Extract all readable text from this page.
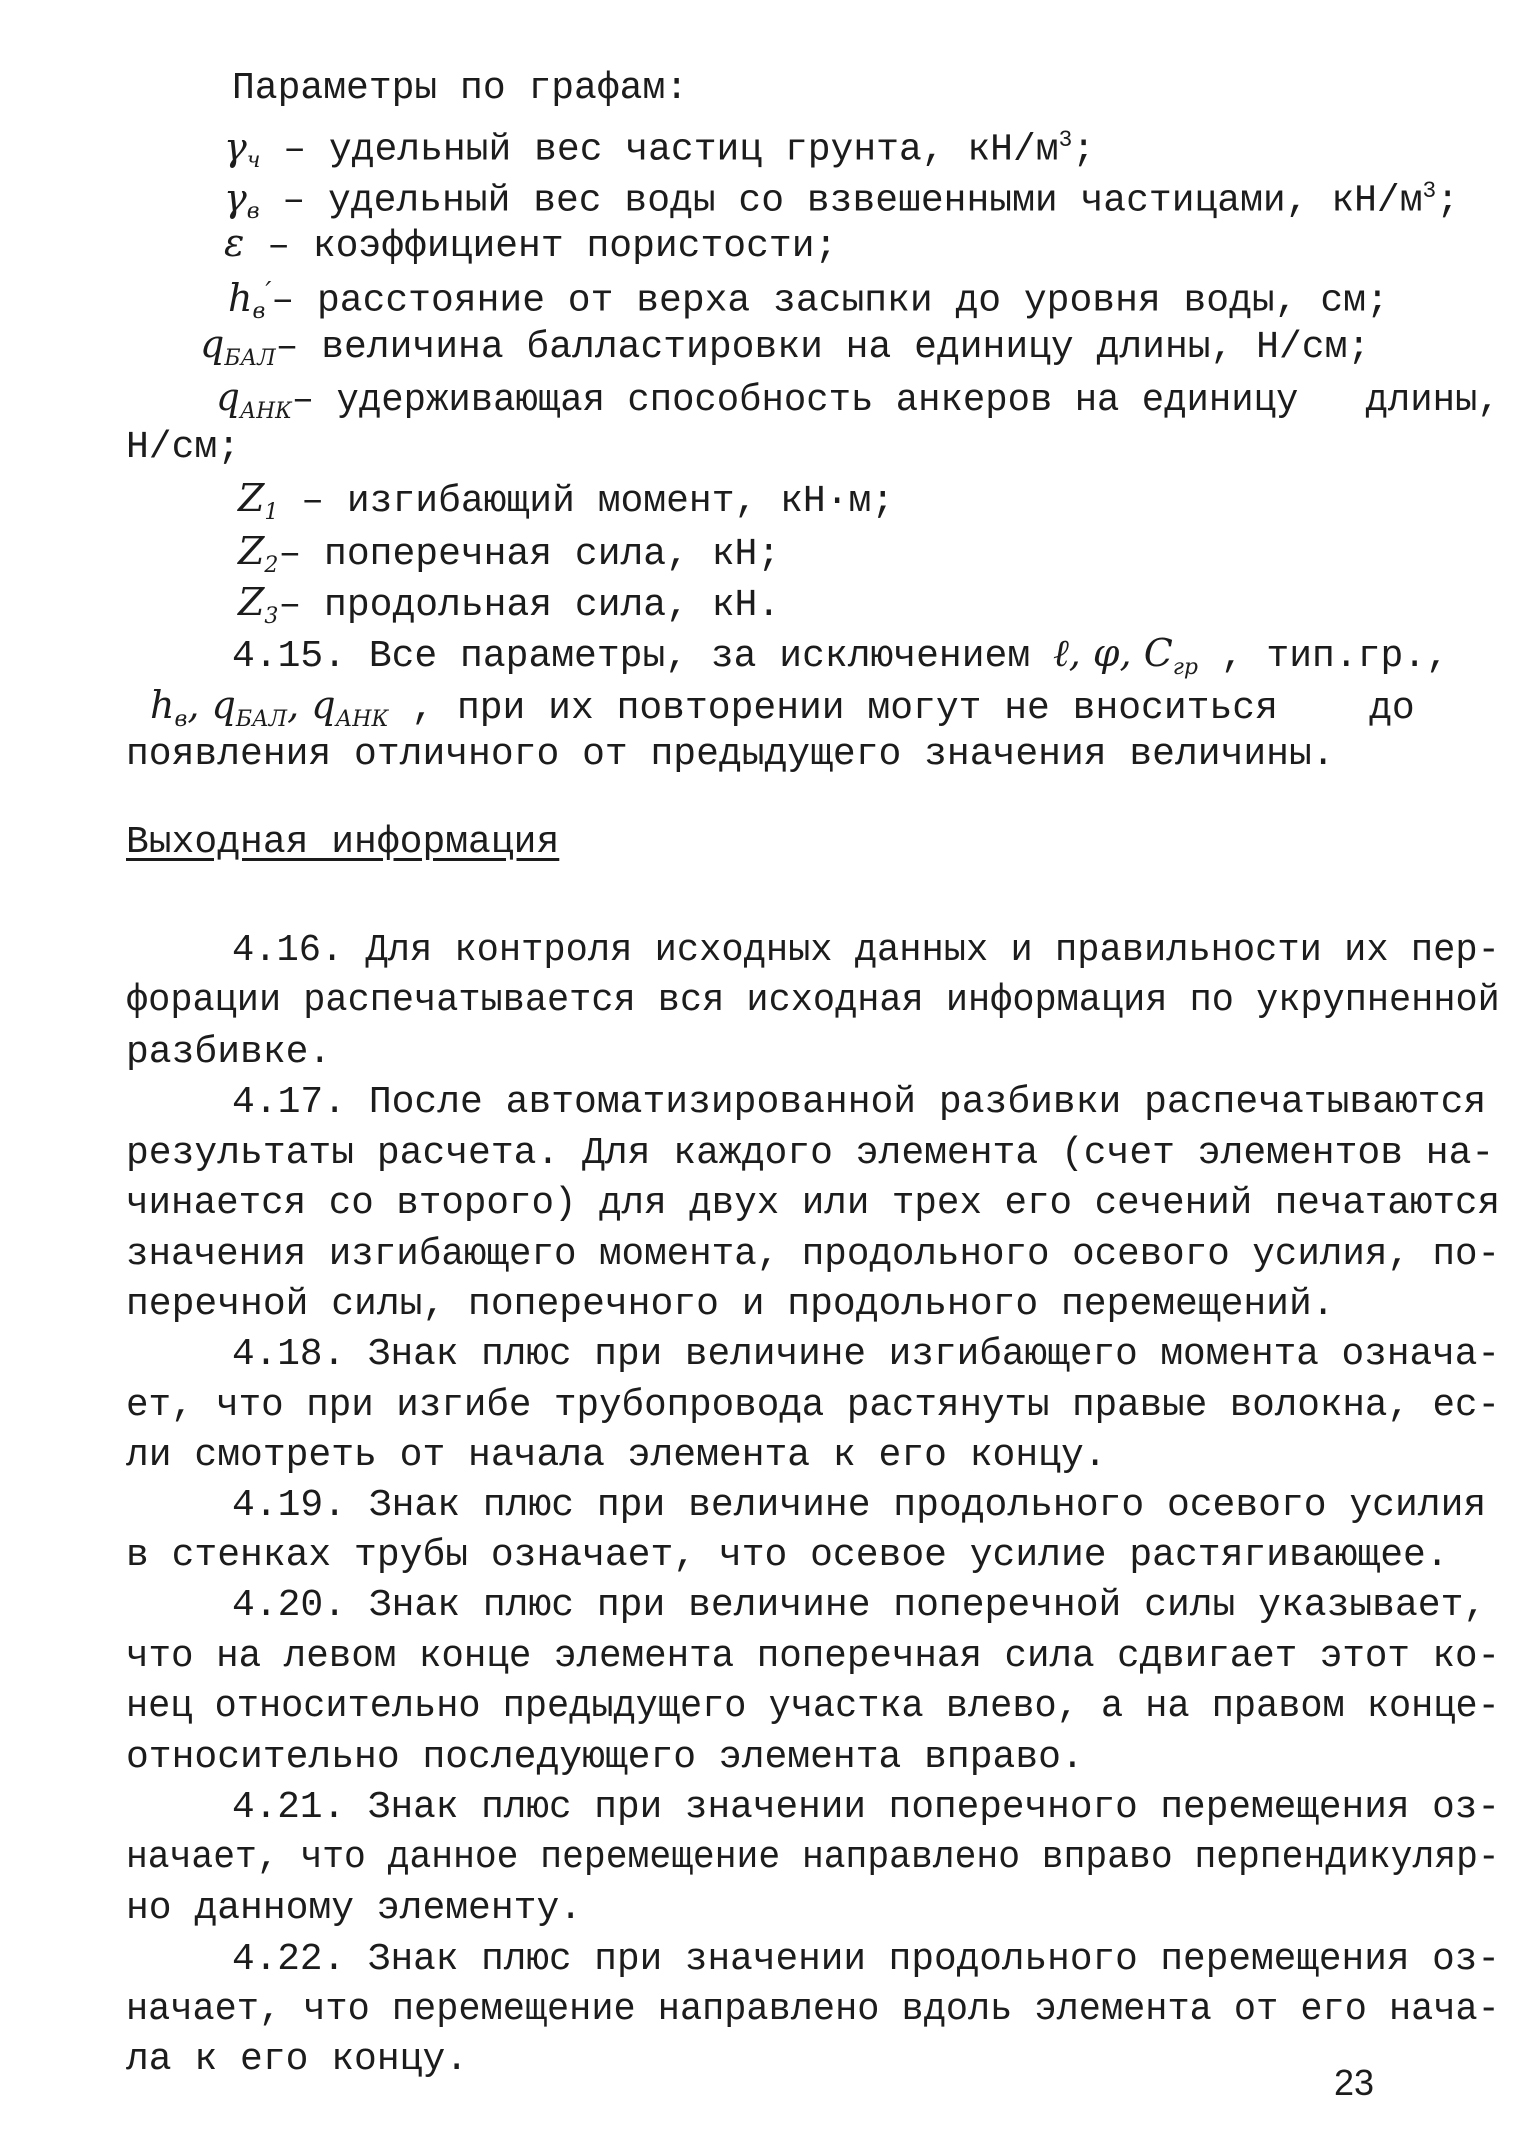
Параметры по графам:
γч – удельный вес частиц грунта, $кН/м^3$;
γв – удельный вес воды со взвешенными частицами, $кН/м^3$;
ε – коэффициент пористости;
hв′– расстояние от верха засыпки до уровня воды, см;
qБАЛ– величина балластировки на единицу длины, Н/см;
qАНК– удерживающая способность анкеров на единицу   длины,
Н/см;
Z1 – изгибающий момент, кН·м;
Z2– поперечная сила, кН;
Z3– продольная сила, кН.
4.15. Все параметры, за исключением ℓ, φ, Cгр , тип.гр.,
hв, qБАЛ, qАНК , при их повторении могут не вноситься    до
появления отличного от предыдущего значения величины.
Выходная информация
4.16. Для контроля исходных данных и правильности их пер-
форации распечатывается вся исходная информация по укрупненной
разбивке.
4.17. После автоматизированной разбивки распечатываются
результаты расчета. Для каждого элемента (счет элементов на-
чинается со второго) для двух или трех его сечений печатаются
значения изгибающего момента, продольного осевого усилия, по-
перечной силы, поперечного и продольного перемещений.
4.18. Знак плюс при величине изгибающего момента означа-
ет, что при изгибе трубопровода растянуты правые волокна, ес-
ли смотреть от начала элемента к его концу.
4.19. Знак плюс при величине продольного осевого усилия
в стенках трубы означает, что осевое усилие растягивающее.
4.20. Знак плюс при величине поперечной силы указывает,
что на левом конце элемента поперечная сила сдвигает этот ко-
нец относительно предыдущего участка влево, а на правом конце-
относительно последующего элемента вправо.
4.21. Знак плюс при значении поперечного перемещения оз-
начает, что данное перемещение направлено вправо перпендикуляр-
но данному элементу.
4.22. Знак плюс при значении продольного перемещения оз-
начает, что перемещение направлено вдоль элемента от его нача-
ла к его концу.
23
